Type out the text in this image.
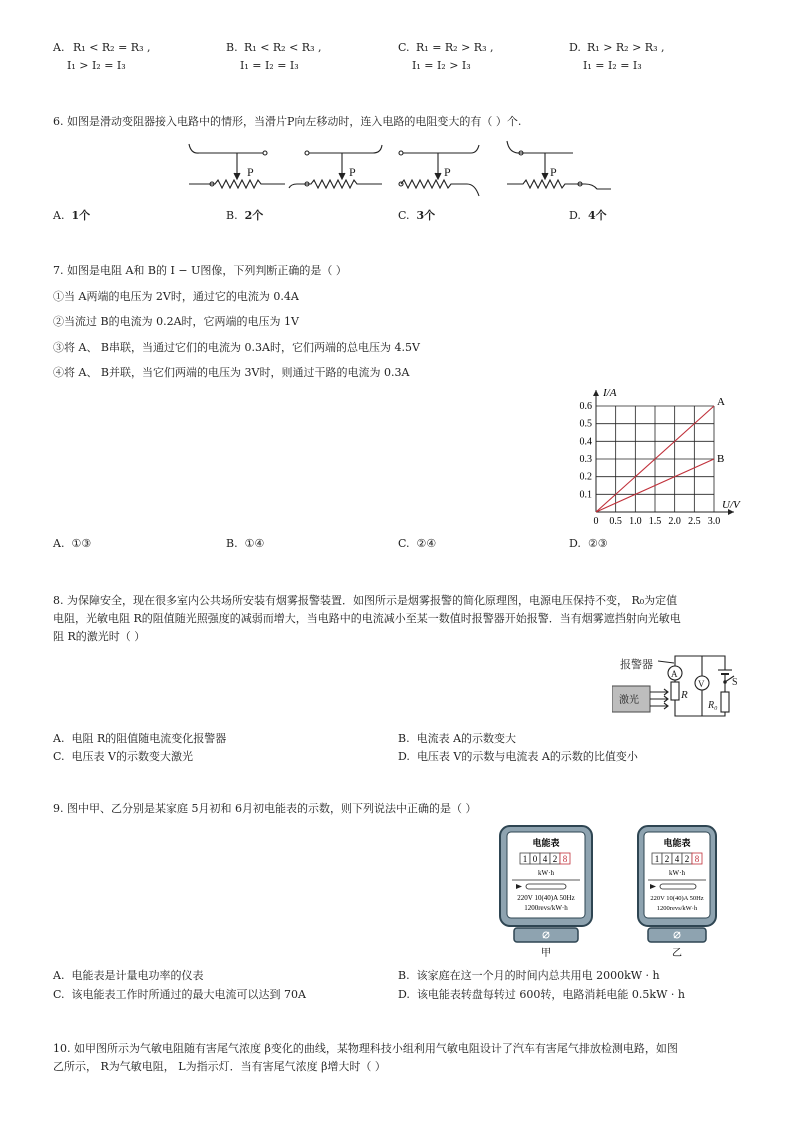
A. R₁ < R₂ = R₃ ,
I₁ > I₂ = I₃
B. R₁ < R₂ < R₃ ,
I₁ = I₂ = I₃
C. R₁ = R₂ > R₃ ,
I₁ = I₂ > I₃
D. R₁ > R₂ > R₃ ,
I₁ = I₂ = I₃
6. 如图是滑动变阻器接入电路中的情形，当滑片P向左移动时，连入电路的电阻变大的有（ ）个.
P	P	P	P
A. 1个	B. 2个	C. 3个	D. 4个
7. 如图是电阻 A和 B的 I − U图像，下列判断正确的是（ ）
①当 A两端的电压为 2V时，通过它的电流为 0.4A
②当流过 B的电流为 0.2A时，它两端的电压为 1V
③将 A、 B串联，当通过它们的电流为 0.3A时，它们两端的总电压为 4.5V
④将 A、 B并联，当它们两端的电压为 3V时，则通过干路的电流为 0.3A
0 0.5 1.0 1.5 2.0 2.5 3.0
0.1
0.2
0.3
0.4
0.5
0.6
I/A
U/V
A
B
A. ①③	B. ①④	C. ②④	D. ②③
8. 为保障安全，现在很多室内公共场所安装有烟雾报警装置．如图所示是烟雾报警的简化原理图，电源电压保持不变， R₀为定值
电阻，光敏电阻 R的阻值随光照强度的减弱而增大，当电路中的电流减小至某一数值时报警器开始报警．当有烟雾遮挡射向光敏电
阻 R的激光时（ ）
报警器
A
V	S
R
R₀
激光
A. 电阻 R的阻值随电流变化报警器	B. 电流表 A的示数变大
C. 电压表 V的示数变大激光	D. 电压表 V的示数与电流表 A的示数的比值变小
9. 图中甲、乙分别是某家庭 5月初和 6月初电能表的示数，则下列说法中正确的是（ ）
电能表
1 0 4 2 8
kW·h
220V 10(40)A 50Hz
1200revs/kW·h
甲
电能表
1 2 4 2 8
kW·h
220V 10(40)A 50Hz
1200revs/kW·h
乙
A. 电能表是计量电功率的仪表	B. 该家庭在这一个月的时间内总共用电 2000kW · h
C. 该电能表工作时所通过的最大电流可以达到 70A	D. 该电能表转盘每转过 600转，电路消耗电能 0.5kW · h
10. 如甲图所示为气敏电阻随有害尾气浓度 β变化的曲线，某物理科技小组利用气敏电阻设计了汽车有害尾气排放检测电路，如图
乙所示， R为气敏电阻， L为指示灯．当有害尾气浓度 β增大时（ ）
